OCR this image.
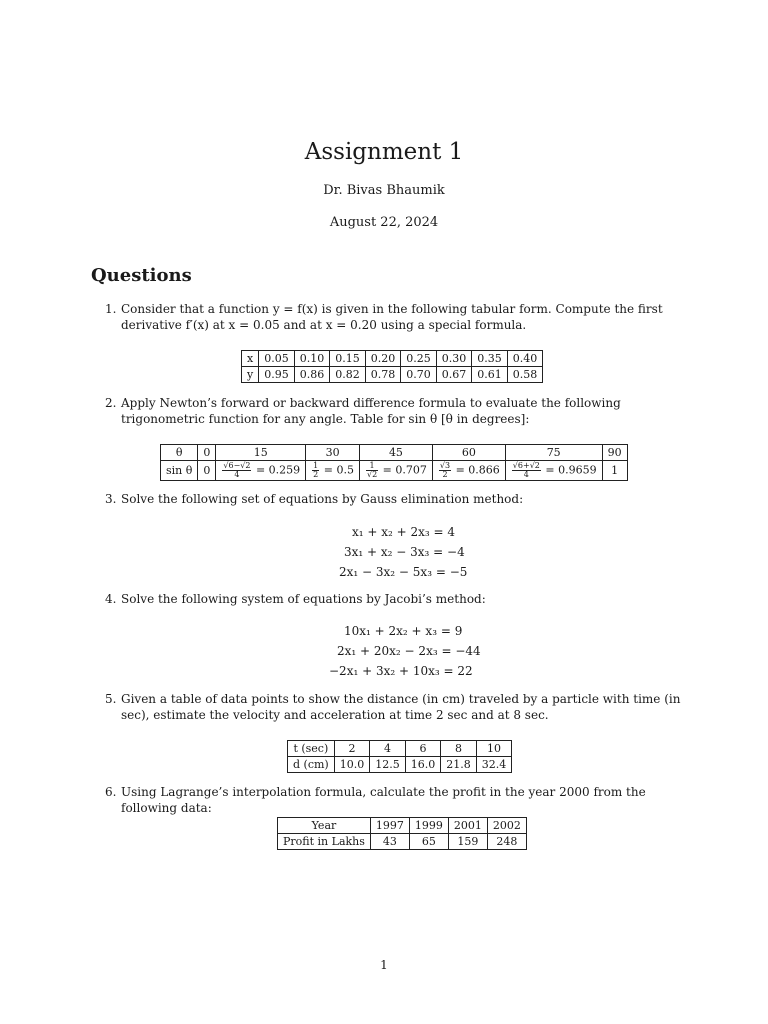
Assignment 1
Dr. Bivas Bhaumik
August 22, 2024
Questions
1. Consider that a function y = f(x) is given in the following tabular form. Compute the first derivative f′(x) at x = 0.05 and at x = 0.20 using a special formula.
x	0.05	0.10	0.15	0.20	0.25	0.30	0.35	0.40
y	0.95	0.86	0.82	0.78	0.70	0.67	0.61	0.58
2. Apply Newton’s forward or backward difference formula to evaluate the following trigonometric function for any angle. Table for sin θ [θ in degrees]:
θ	0	15	30	45	60	75	90
sin θ	0	$\frac{√6-√2}{4} = 0.259$	$\frac{1}{2} = 0.5$	$\frac{1}{√2} = 0.707$	$\frac{√3}{2} = 0.866$	$\frac{√6+√2}{4} = 0.9659$	1
3. Solve the following set of equations by Gauss elimination method:
x₁ + x₂ + 2x₃ = 4
3x₁ + x₂ − 3x₃ = −4
2x₁ − 3x₂ − 5x₃ = −5
4. Solve the following system of equations by Jacobi’s method:
10x₁ + 2x₂ + x₃ = 9
2x₁ + 20x₂ − 2x₃ = −44
−2x₁ + 3x₂ + 10x₃ = 22
5. Given a table of data points to show the distance (in cm) traveled by a particle with time (in sec), estimate the velocity and acceleration at time 2 sec and at 8 sec.
t (sec)	2	4	6	8	10
d (cm)	10.0	12.5	16.0	21.8	32.4
6. Using Lagrange’s interpolation formula, calculate the profit in the year 2000 from the following data:
Year	1997	1999	2001	2002
Profit in Lakhs	43	65	159	248
1
